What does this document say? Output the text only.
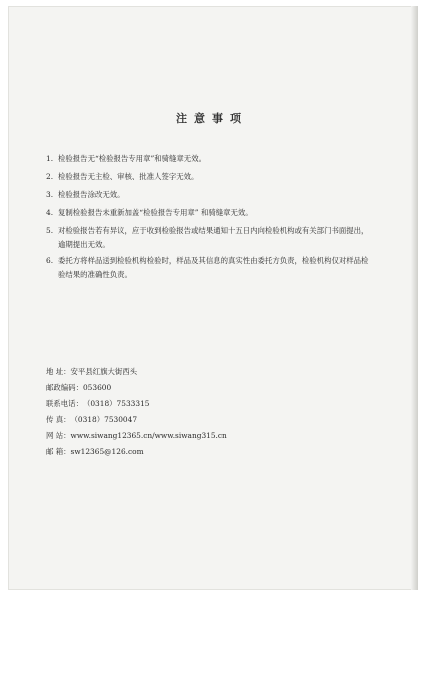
注意事项
1. 检验报告无“检验报告专用章”和骑缝章无效。
2. 检验报告无主检、审核、批准人签字无效。
3. 检验报告涂改无效。
4. 复制检验报告未重新加盖“检验报告专用章” 和骑缝章无效。
5. 对检验报告若有异议，应于收到检验报告或结果通知十五日内向检验机构或有关部门书面提出，逾期提出无效。
6. 委托方将样品送到检验机构检验时，样品及其信息的真实性由委托方负责，检验机构仅对样品检验结果的准确性负责。
地 址：安平县红旗大街西头
邮政编码：053600
联系电话：（0318）7533315
传 真：（0318）7530047
网 站：www.siwang12365.cn/www.siwang315.cn
邮 箱：sw12365@126.com
